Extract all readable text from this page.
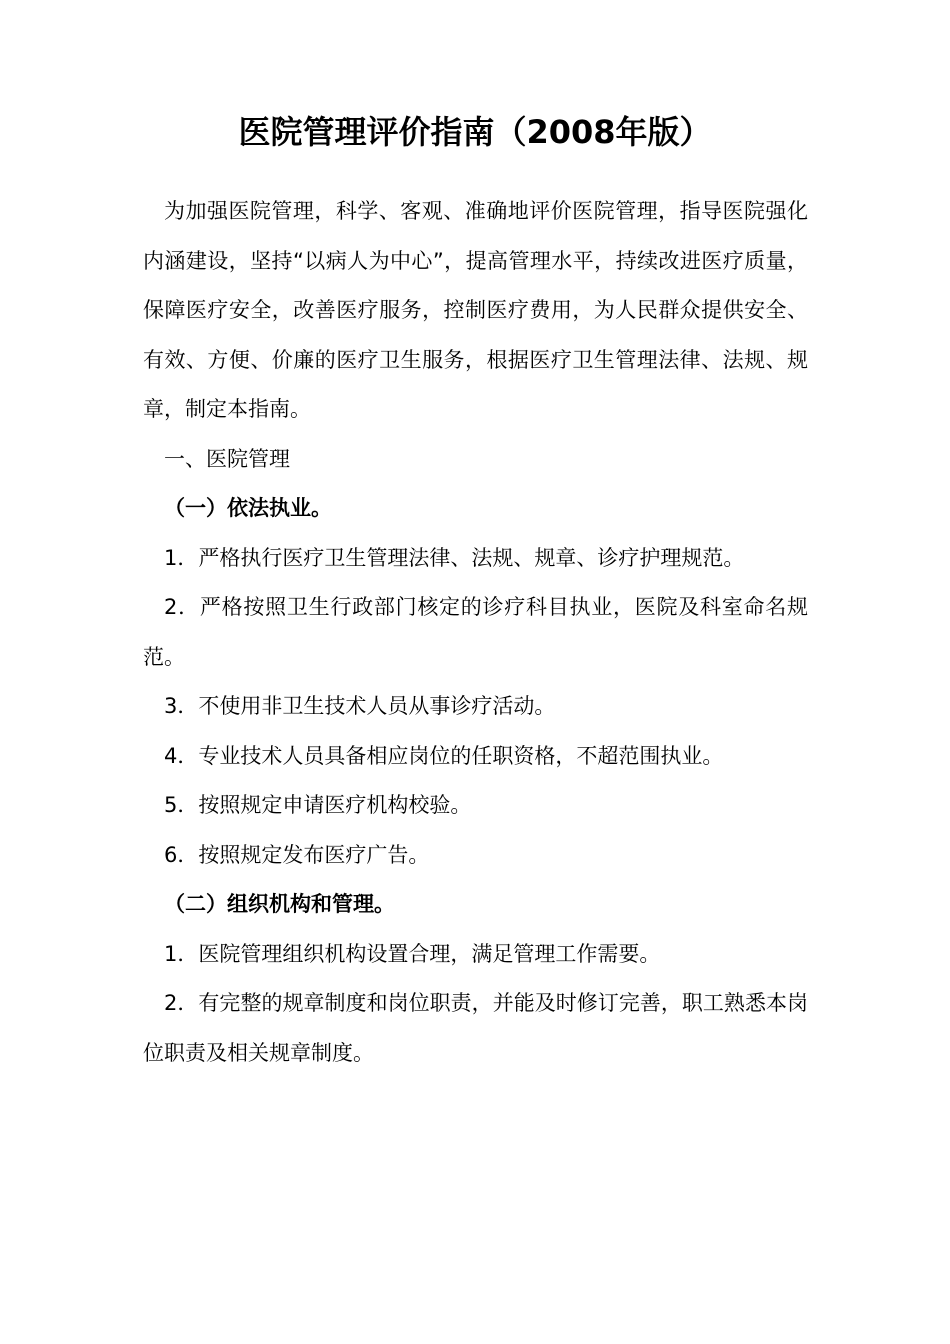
医院管理评价指南（2008年版）

为加强医院管理，科学、客观、准确地评价医院管理，指导医院强化内涵建设，坚持“以病人为中心”，提高管理水平，持续改进医疗质量，保障医疗安全，改善医疗服务，控制医疗费用，为人民群众提供安全、有效、方便、价廉的医疗卫生服务，根据医疗卫生管理法律、法规、规章，制定本指南。

一、医院管理

（一）依法执业。

1．严格执行医疗卫生管理法律、法规、规章、诊疗护理规范。

2．严格按照卫生行政部门核定的诊疗科目执业，医院及科室命名规范。

3．不使用非卫生技术人员从事诊疗活动。

4．专业技术人员具备相应岗位的任职资格，不超范围执业。

5．按照规定申请医疗机构校验。

6．按照规定发布医疗广告。

（二）组织机构和管理。

1．医院管理组织机构设置合理，满足管理工作需要。

2．有完整的规章制度和岗位职责，并能及时修订完善，职工熟悉本岗位职责及相关规章制度。
